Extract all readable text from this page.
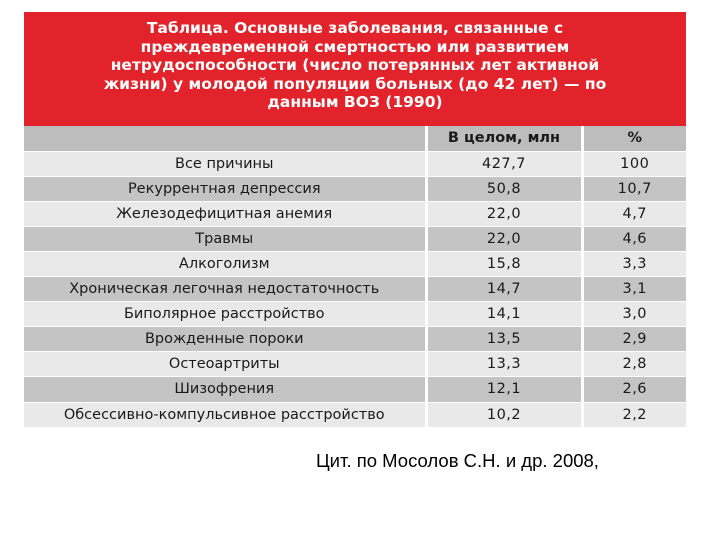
Таблица. Основные заболевания, связанные с
преждевременной смертностью или развитием
нетрудоспособности (число потерянных лет активной
жизни) у молодой популяции больных (до 42 лет) — по
данным ВОЗ (1990)
	В целом, млн	%
Все причины	427,7	100
Рекуррентная депрессия	50,8	10,7
Железодефицитная анемия	22,0	4,7
Травмы	22,0	4,6
Алкоголизм	15,8	3,3
Хроническая легочная недостаточность	14,7	3,1
Биполярное расстройство	14,1	3,0
Врожденные пороки	13,5	2,9
Остеоартриты	13,3	2,8
Шизофрения	12,1	2,6
Обсессивно-компульсивное расстройство	10,2	2,2
Цит. по Мосолов С.Н. и др. 2008,
